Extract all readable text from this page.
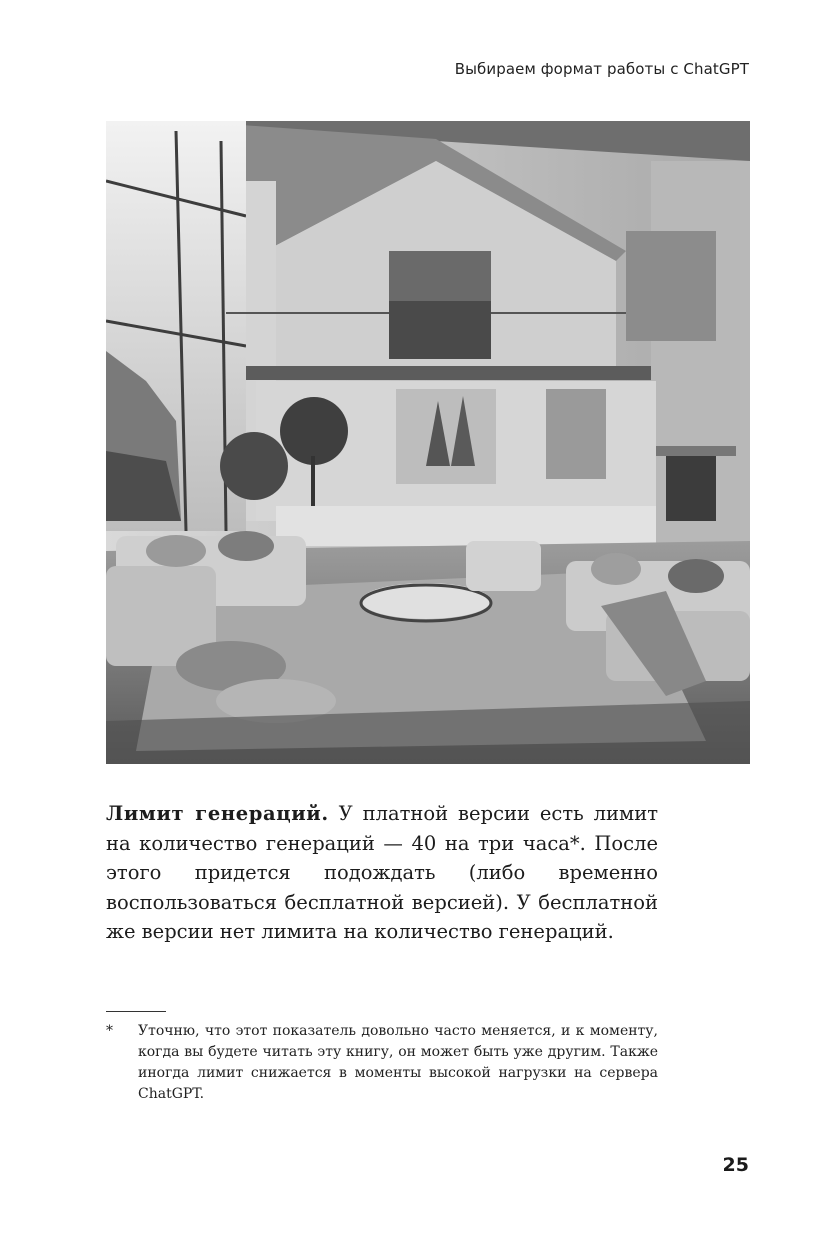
Выбираем формат работы с ChatGPT
Лимит генераций. У платной версии есть лимит на количество генераций — 40 на три часа*. После этого придется подождать (либо временно воспользоваться бесплатной версией). У бесплатной же версии нет лимита на количество генераций.
* Уточню, что этот показатель довольно часто меняется, и к моменту, когда вы будете читать эту книгу, он может быть уже другим. Также иногда лимит снижается в моменты высокой нагрузки на сервера ChatGPT.
25
